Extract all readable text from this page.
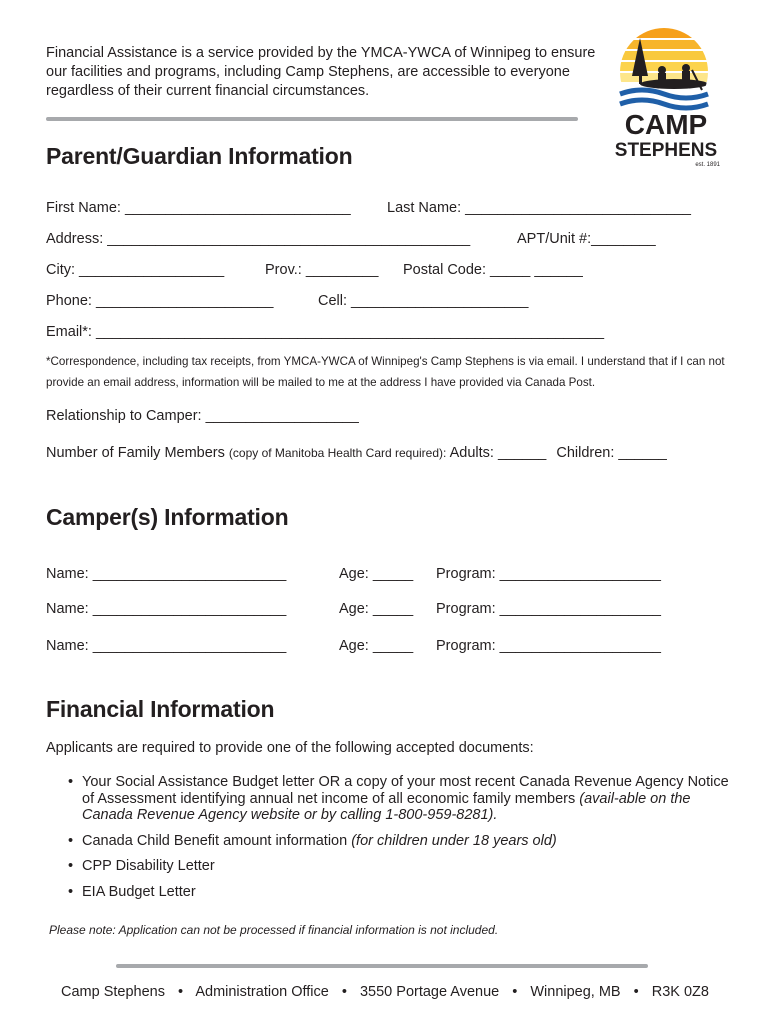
Financial Assistance is a service provided by the YMCA-YWCA of Winnipeg to ensure our facilities and programs, including Camp Stephens, are accessible to everyone regardless of their current financial circumstances.
CAMP
STEPHENS
est. 1891
Parent/Guardian Information
First Name: ____________________________	Last Name: ____________________________
Address: _____________________________________________	APT/Unit #:________
City: __________________	Prov.: _________ Postal Code: _____ ______
Phone: ______________________	Cell: ______________________
Email*: _______________________________________________________________
*Correspondence, including tax receipts, from YMCA-YWCA of Winnipeg's Camp Stephens is via email. I understand that if I can not provide an email address, information will be mailed to me at the address I have provided via Canada Post.
Relationship to Camper: ___________________
Number of Family Members (copy of Manitoba Health Card required): Adults: ______ Children: ______
Camper(s) Information
Name: ________________________	Age: _____ Program: ____________________
Name: ________________________	Age: _____ Program: ____________________
Name: ________________________	Age: _____ Program: ____________________
Financial Information
Applicants are required to provide one of the following accepted documents:
• Your Social Assistance Budget letter OR a copy of your most recent Canada Revenue Agency Notice of Assessment identifying annual net income of all economic family members (avail-able on the Canada Revenue Agency website or by calling 1-800-959-8281).
• Canada Child Benefit amount information (for children under 18 years old)
• CPP Disability Letter
• EIA Budget Letter
Please note: Application can not be processed if financial information is not included.
Camp Stephens • Administration Office • 3550 Portage Avenue • Winnipeg, MB • R3K 0Z8
